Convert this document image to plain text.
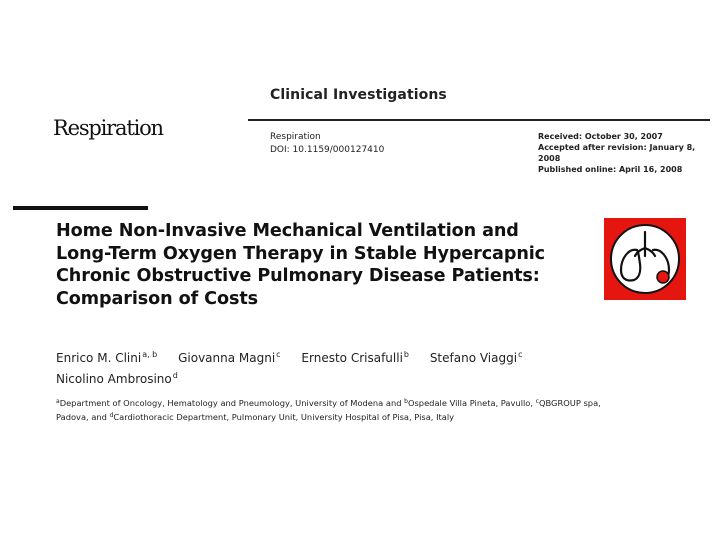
Clinical Investigations
Respiration	Respiration
DOI: 10.1159/000127410
Received: October 30, 2007
Accepted after revision: January 8, 2008
Published online: April 16, 2008
Home Non-Invasive Mechanical Ventilation and
Long-Term Oxygen Therapy in Stable Hypercapnic
Chronic Obstructive Pulmonary Disease Patients:
Comparison of Costs
Enrico M. Clini$^{a, b}$ Giovanna Magni$^c$ Ernesto Crisafulli$^b$ Stefano Viaggi$^c$
Nicolino Ambrosino$^d$
$^a$Department of Oncology, Hematology and Pneumology, University of Modena and $^b$Ospedale Villa Pineta, Pavullo, $^c$QBGROUP spa, Padova, and $^d$Cardiothoracic Department, Pulmonary Unit, University Hospital of Pisa, Pisa, Italy
